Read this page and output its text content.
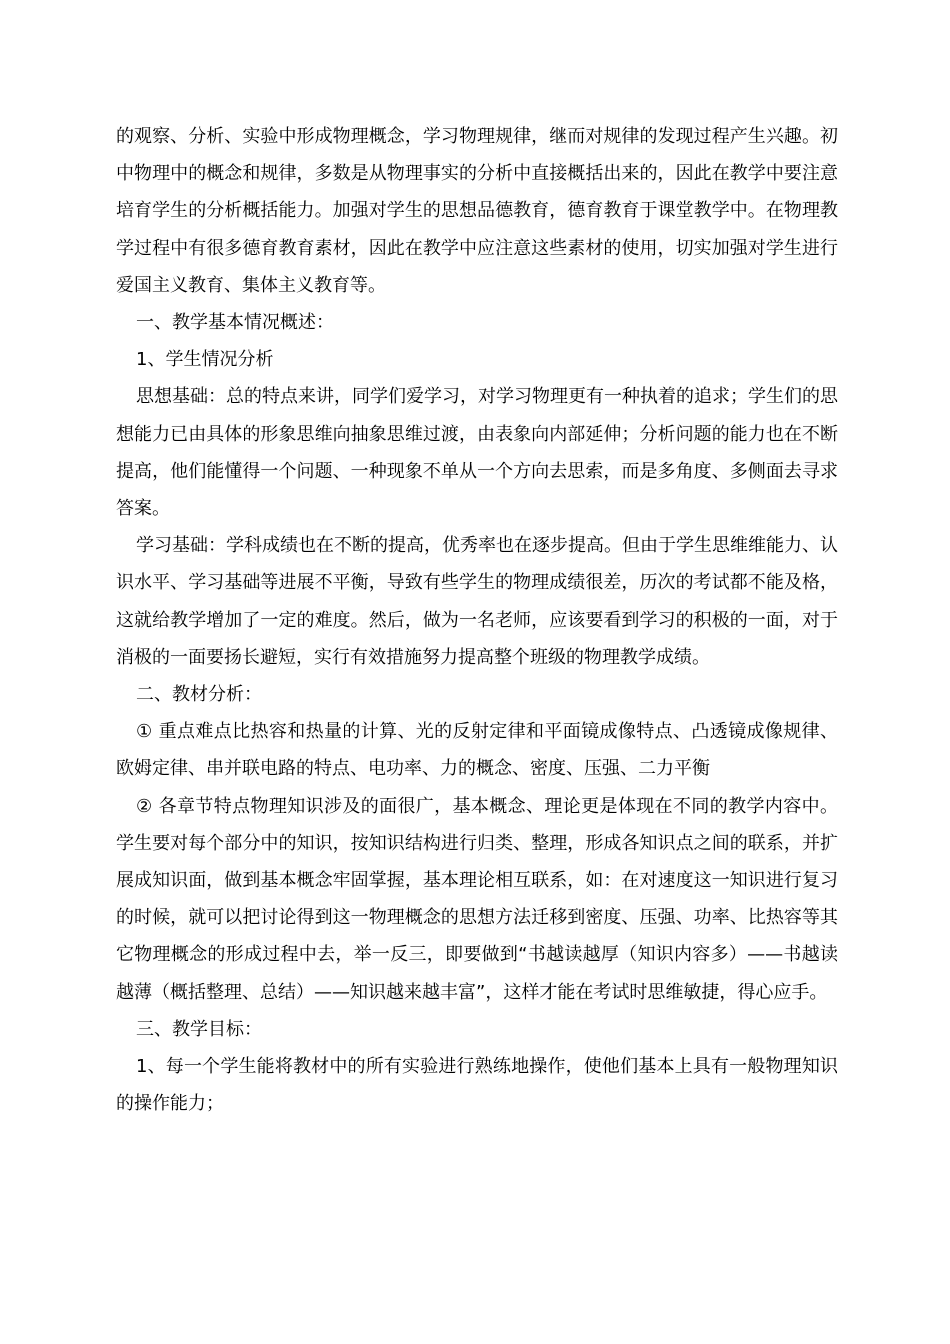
的观察、分析、实验中形成物理概念，学习物理规律，继而对规律的发现过程产生兴趣。初中物理中的概念和规律，多数是从物理事实的分析中直接概括出来的，因此在教学中要注意培育学生的分析概括能力。加强对学生的思想品德教育，德育教育于课堂教学中。在物理教学过程中有很多德育教育素材，因此在教学中应注意这些素材的使用，切实加强对学生进行爱国主义教育、集体主义教育等。

一、教学基本情况概述：

1、学生情况分析

思想基础：总的特点来讲，同学们爱学习，对学习物理更有一种执着的追求；学生们的思想能力已由具体的形象思维向抽象思维过渡，由表象向内部延伸；分析问题的能力也在不断提高，他们能懂得一个问题、一种现象不单从一个方向去思索，而是多角度、多侧面去寻求答案。

学习基础：学科成绩也在不断的提高，优秀率也在逐步提高。但由于学生思维维能力、认识水平、学习基础等进展不平衡，导致有些学生的物理成绩很差，历次的考试都不能及格，这就给教学增加了一定的难度。然后，做为一名老师，应该要看到学习的积极的一面，对于消极的一面要扬长避短，实行有效措施努力提高整个班级的物理教学成绩。

二、教材分析：

① 重点难点比热容和热量的计算、光的反射定律和平面镜成像特点、凸透镜成像规律、欧姆定律、串并联电路的特点、电功率、力的概念、密度、压强、二力平衡

② 各章节特点物理知识涉及的面很广，基本概念、理论更是体现在不同的教学内容中。学生要对每个部分中的知识，按知识结构进行归类、整理，形成各知识点之间的联系，并扩展成知识面，做到基本概念牢固掌握，基本理论相互联系，如：在对速度这一知识进行复习的时候，就可以把讨论得到这一物理概念的思想方法迁移到密度、压强、功率、比热容等其它物理概念的形成过程中去，举一反三，即要做到“书越读越厚（知识内容多）——书越读越薄（概括整理、总结）——知识越来越丰富”，这样才能在考试时思维敏捷，得心应手。

三、教学目标：

1、每一个学生能将教材中的所有实验进行熟练地操作，使他们基本上具有一般物理知识的操作能力；
